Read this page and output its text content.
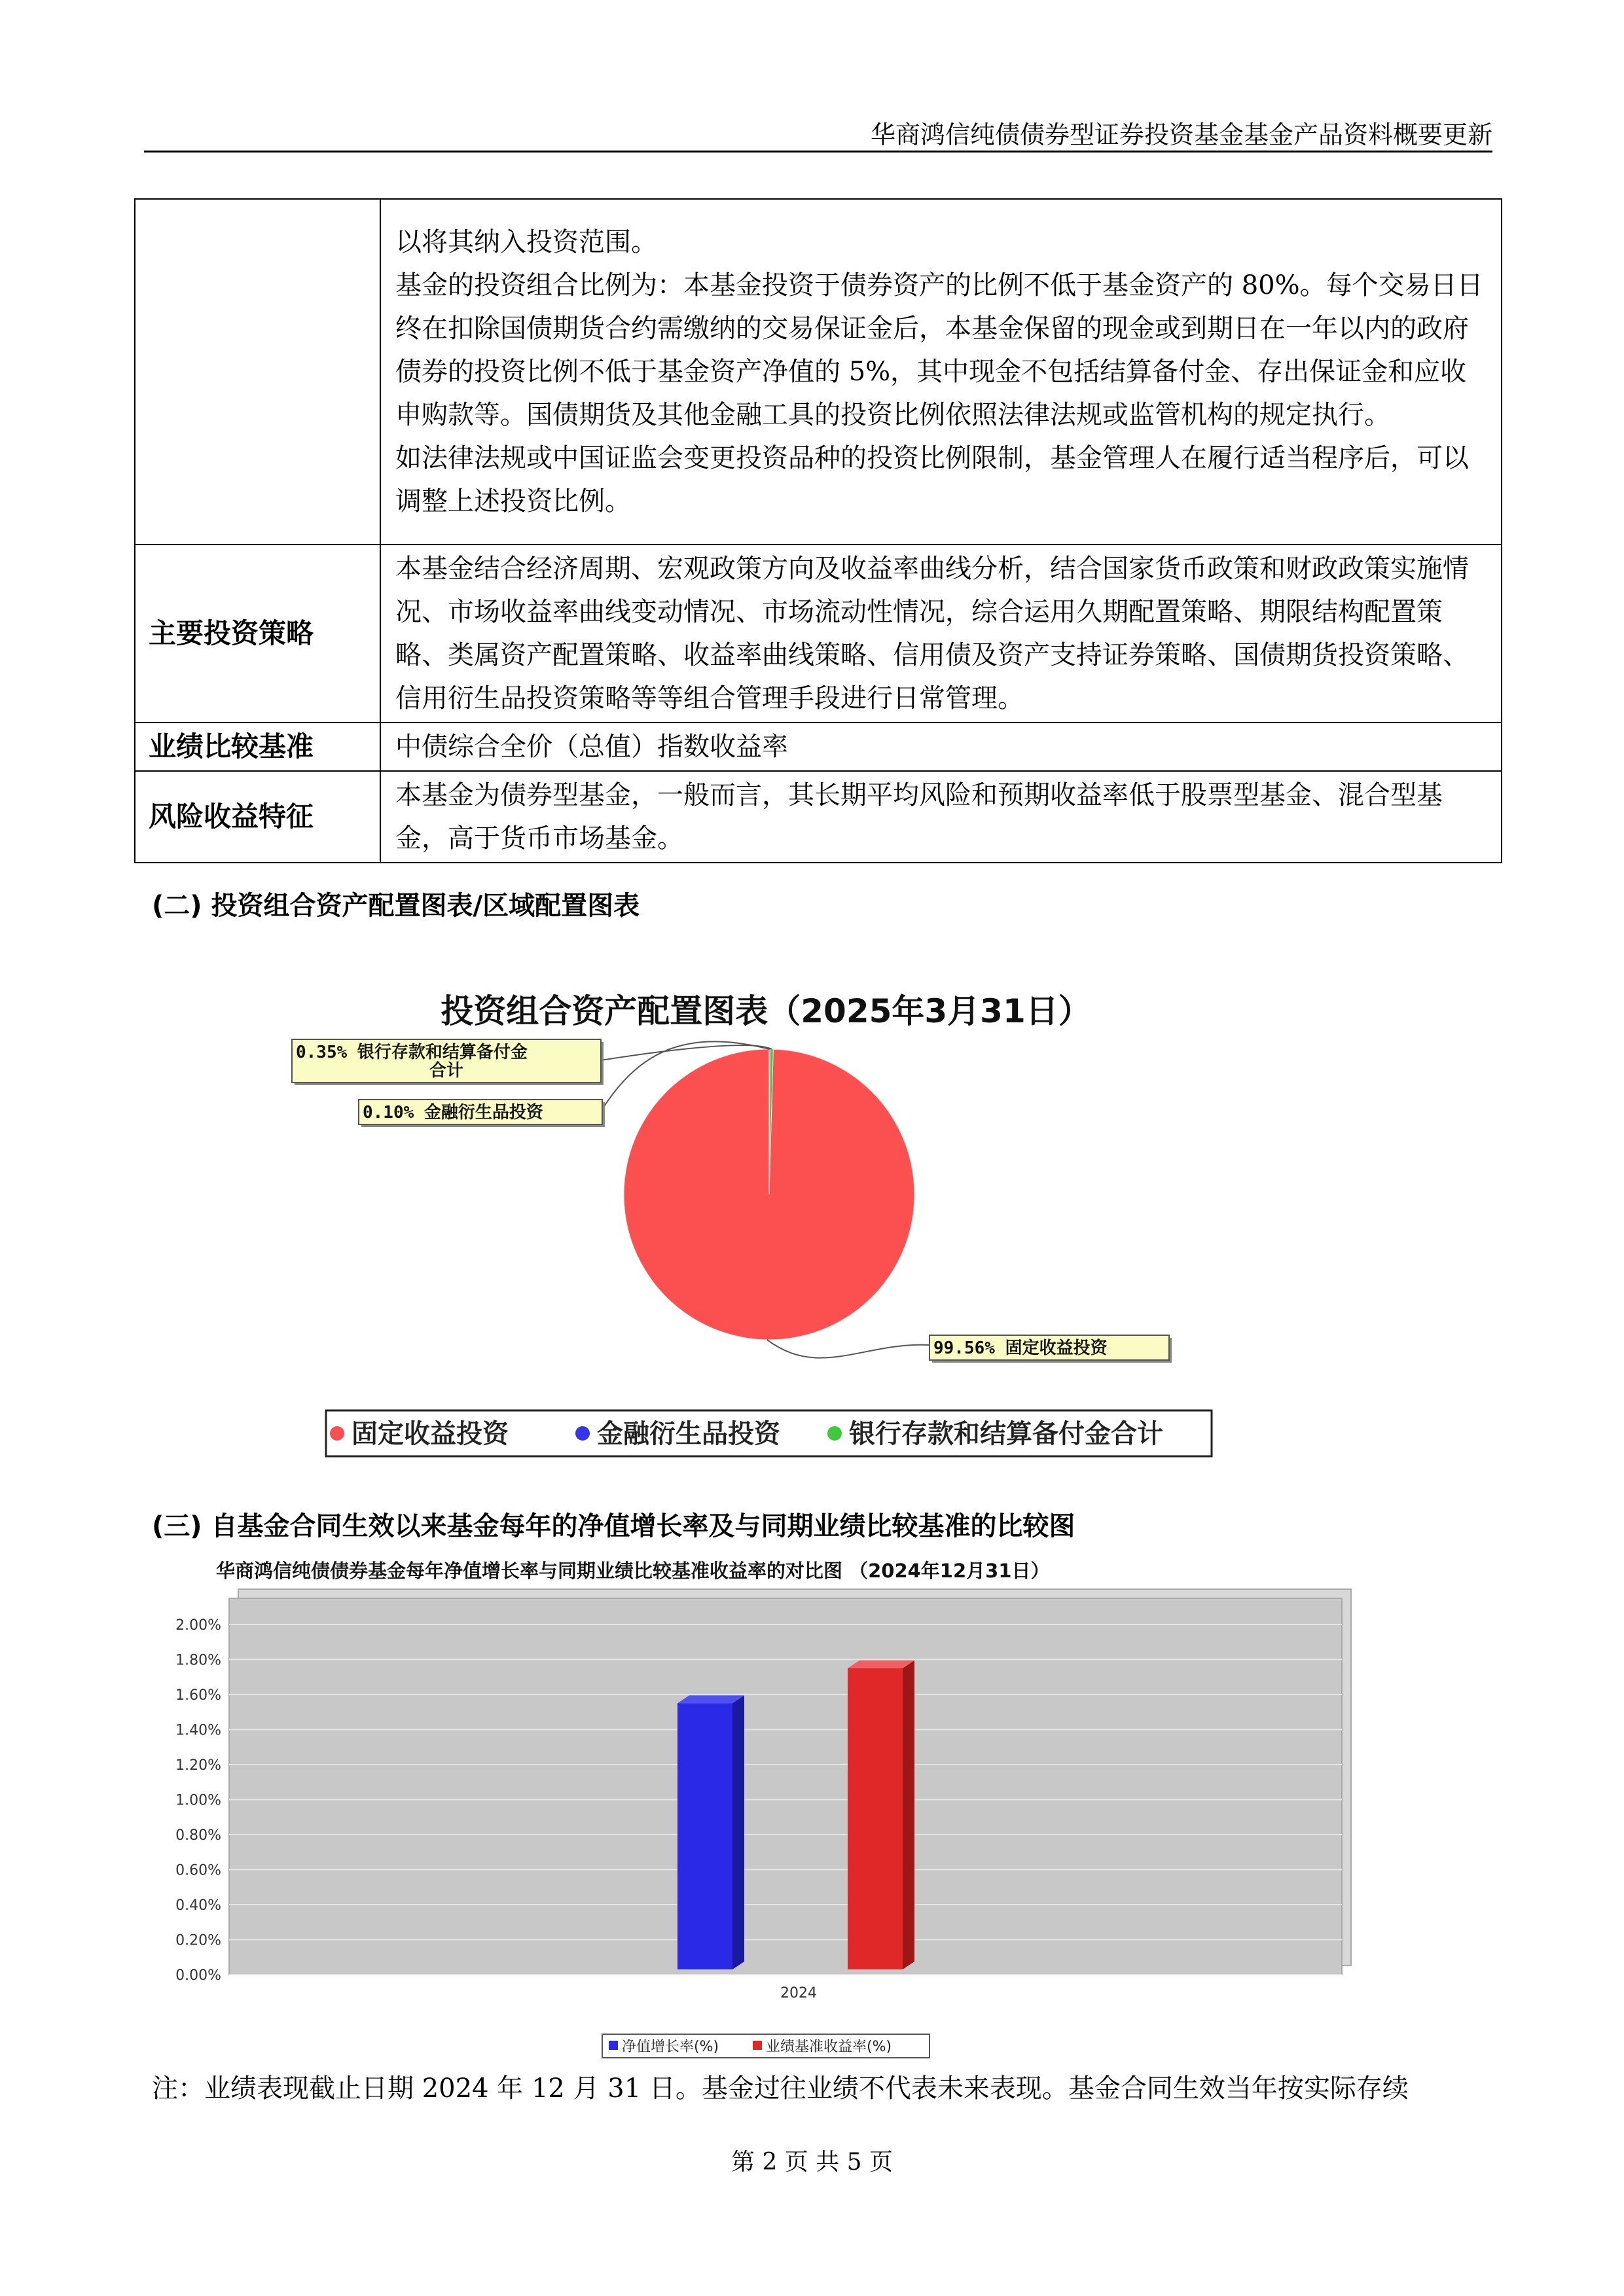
华商鸿信纯债债券型证券投资基金基金产品资料概要更新

	以将其纳入投资范围。

基金的投资组合比例为：本基金投资于债券资产的比例不低于基金资产的 80%。每个交易日日终在扣除国债期货合约需缴纳的交易保证金后，本基金保留的现金或到期日在一年以内的政府债券的投资比例不低于基金资产净值的 5%，其中现金不包括结算备付金、存出保证金和应收申购款等。国债期货及其他金融工具的投资比例依照法律法规或监管机构的规定执行。

如法律法规或中国证监会变更投资品种的投资比例限制，基金管理人在履行适当程序后，可以调整上述投资比例。

主要投资策略	本基金结合经济周期、宏观政策方向及收益率曲线分析，结合国家货币政策和财政政策实施情况、市场收益率曲线变动情况、市场流动性情况，综合运用久期配置策略、期限结构配置策略、类属资产配置策略、收益率曲线策略、信用债及资产支持证券策略、国债期货投资策略、信用衍生品投资策略等等组合管理手段进行日常管理。

业绩比较基准	中债综合全价（总值）指数收益率

风险收益特征	本基金为债券型基金，一般而言，其长期平均风险和预期收益率低于股票型基金、混合型基金，高于货币市场基金。

(二) 投资组合资产配置图表/区域配置图表
投资组合资产配置图表（2025年3月31日）
0.35% 银行存款和结算备付金
合计
0.10% 金融衍生品投资
99.56% 固定收益投资
固定收益投资	金融衍生品投资	银行存款和结算备付金合计
(三) 自基金合同生效以来基金每年的净值增长率及与同期业绩比较基准的比较图
华商鸿信纯债债券基金每年净值增长率与同期业绩比较基准收益率的对比图 （2024年12月31日）
0.00%
0.20%
0.40%
0.60%
0.80%
1.00%
1.20%
1.40%
1.60%
1.80%
2.00%
2024
净值增长率(%)	业绩基准收益率(%)
注：业绩表现截止日期 2024 年 12 月 31 日。基金过往业绩不代表未来表现。基金合同生效当年按实际存续
第 2 页 共 5 页
